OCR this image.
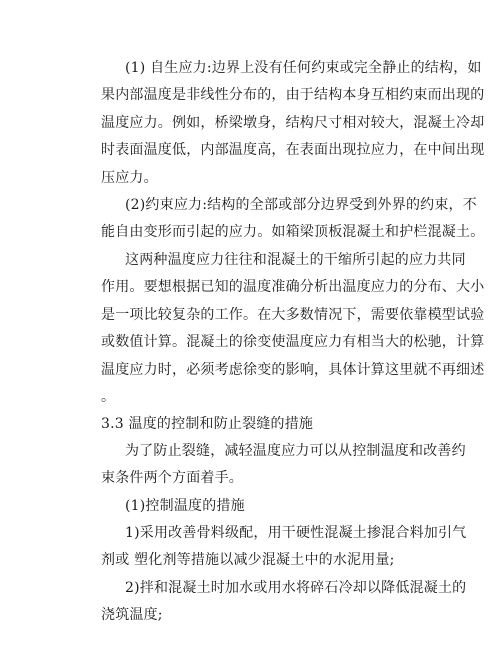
(1) 自生应力:边界上没有任何约束或完全静止的结构，如
果内部温度是非线性分布的，由于结构本身互相约束而出现的
温度应力。例如，桥梁墩身，结构尺寸相对较大，混凝土冷却
时表面温度低，内部温度高，在表面出现拉应力，在中间出现
压应力。
(2)约束应力:结构的全部或部分边界受到外界的约束，不
能自由变形而引起的应力。如箱梁顶板混凝土和护栏混凝土。
这两种温度应力往往和混凝土的干缩所引起的应力共同
作用。要想根据已知的温度准确分析出温度应力的分布、大小
是一项比较复杂的工作。在大多数情况下，需要依靠模型试验
或数值计算。混凝土的徐变使温度应力有相当大的松驰，计算
温度应力时，必须考虑徐变的影响，具体计算这里就不再细述
。
3.3 温度的控制和防止裂缝的措施
为了防止裂缝，减轻温度应力可以从控制温度和改善约
束条件两个方面着手。
(1)控制温度的措施
1)采用改善骨料级配，用干硬性混凝土掺混合料加引气
剂或 塑化剂等措施以减少混凝土中的水泥用量;
2)拌和混凝土时加水或用水将碎石冷却以降低混凝土的
浇筑温度;
